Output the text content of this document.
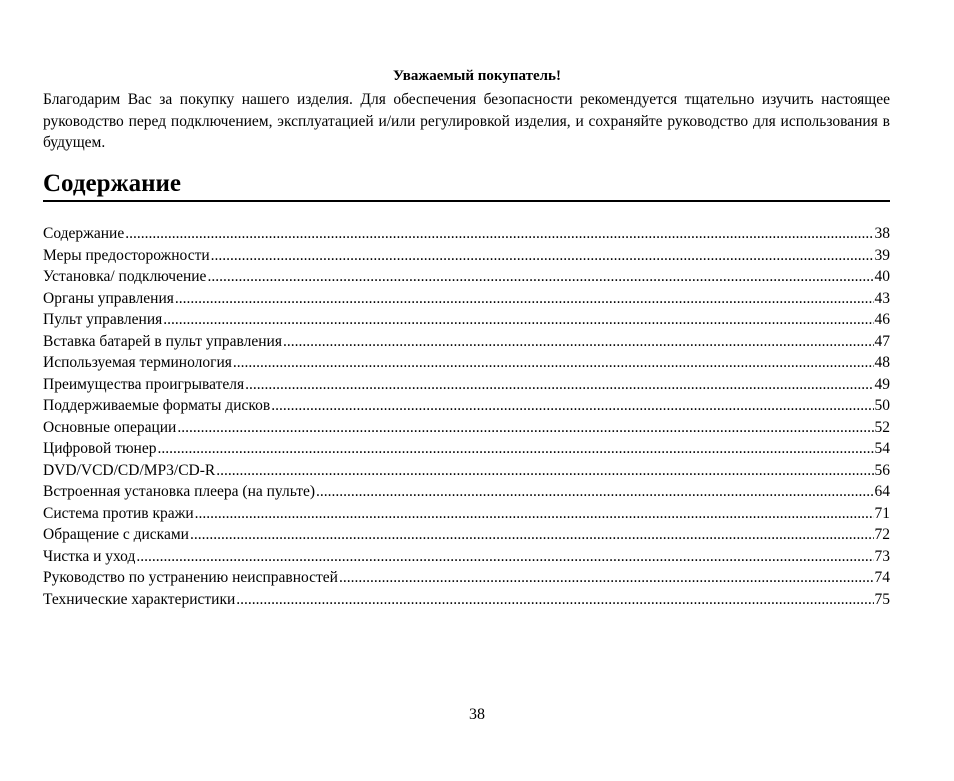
Уважаемый покупатель!
Благодарим Вас за покупку нашего изделия. Для обеспечения безопасности рекомендуется тщательно изучить настоящее руководство перед подключением, эксплуатацией и/или регулировкой изделия, и сохраняйте руководство для использования в будущем.
Содержание
Содержание .....	38
Меры предосторожности .....	39
Установка/ подключение .....	40
Органы управления .....	43
Пульт управления .....	46
Вставка батарей в пульт управления .....	47
Используемая терминология .....	48
Преимущества проигрывателя .....	49
Поддерживаемые форматы дисков .....	50
Основные операции .....	52
Цифровой тюнер .....	54
DVD/VCD/CD/MP3/CD-R .....	56
Встроенная установка плеера (на пульте) .....	64
Система против кражи .....	71
Обращение с дисками .....	72
Чистка и уход .....	73
Руководство по устранению неисправностей .....	74
Технические характеристики .....	75
38
